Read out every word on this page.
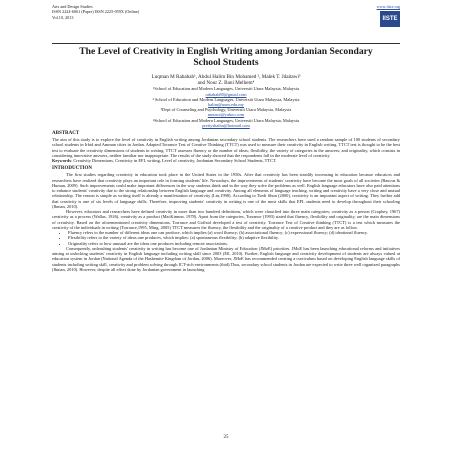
Arts and Design Studies
ISSN 2224-6061 (Paper) ISSN 2225-059X (Online)
Vol.10, 2013
www.iiste.org
IISTE
The Level of Creativity in English Writing among Jordanian Secondary School Students
Luqman M Rababah¹, Abdul Halim Bin Mohamed ², Malek T. Jdaitawi³
and Nour Z. Bani Melhem⁴
¹School of Education and Modern Languages, Universiti Utara Malaysia, Malaysia
rababah80@gmail.com
² School of Education and Modern Languages, Universiti Utara Malaysia, Malaysia
halim@uum.edu.my
³Dept of Counseling and Psychology, Universiti Utara Malaysia, Malaysia
mnusot@yahoo.com
⁴School of Education and Modern Languages, Universiti Utara Malaysia, Malaysia
prettyshatha@hotmail.com
ABSTRACT
The aim of this study is to explore the level of creativity in English writing among Jordanian secondary school students. The researchers have used a random sample of 100 students of secondary school students in Irbid and Amman cities in Jordan. Adapted Torrance Test of Creative Thinking (TTCT) was used to measure their creativity in English writing. TTCT test is thought to be the best test to evaluate the creativity dimensions of students in writing. TTCT assesses fluency or the number of ideas; flexibility, the variety of categories in the answers; and originality, which consists in considering innovative answers, neither familiar nor inappropriate. The results of the study showed that the respondents fall in the moderate level of creativity
Keywords: Creativity Dimensions, Creativity in EFL writing, Level of creativity, Jordanian Secondary School Students, TTCT.
INTRODUCTION
The first studies regarding creativity in education took place in the United States in the 1950s. After that creativity has been steadily increasing in education because educators and researchers have realized that creativity plays an important role in forming students' life. Nowadays, the improvements of students' creativity have become the most goals of all societies (Baucus & Human, 2009). Such improvements could make important differences in the way students think and in the way they solve the problems as well. English language educators have also paid attentions to enhance students' creativity due to the strong relationship between English language and creativity. Among all elements of language teaching, writing and creativity have a very close and mutual relationship. The reason is simple as writing itself is already a manifestation of creativity (Lin,1998). According to Tsedi Shun (2000), creativity is an important aspect of writing. They further add that creativity is one of six levels of language skills. Therefore, improving students' creativity in writing is one of the most skills that EFL students need to develop throughout their schooling (Ibnian, 2010).
However, educators and researchers have defined creativity in more than two hundred definitions, which were classified into three main categories; creativity as a person (Crophey, 1967) creativity as a process (Wallas, 1926), creativity as a product (MacKinnon, 1978). Apart from the categories, Torrance (1993) stated that fluency, flexibility and originality, are the main dimensions of creativity. Based on the aforementioned creativity dimensions, Torrance and Goffstd developed a test of creativity. Torrance Test of Creative thinking (TTCT) is a test which measures the creativity of the individuals in writing (Torrance,1995, Ming, 2005) TTCT measures the fluency, the flexibility and the originality of a creative product and they are as follow.
• Fluency refers to the number of different ideas one can produce, which implies (a) word fluency; (b) associational fluency; (c) expressional fluency; (d) ideational fluency.
• Flexibility refers to the variety of ideas one produces, which implies: (a) spontaneous flexibility; (b) adaptive flexibility.
• Originality refers to how unusual are the ideas one produces including remote associations.
Consequently, unleashing students' creativity in writing has become one of Jordanian Ministry of Education (JMoE) priorities. JMoE has been launching educational reforms and initiatives aiming at unlocking students' creativity in English language including writing skill since 2003 (Ell, 2010). Further, English language and creativity development of students are always valued at education system in Jordan (National Agenda of the Hashemite Kingdom of Jordan, 2006). Moreover, JMoE has recommended creating a curriculum based on developing English language skills of students including writing skill, creativity and problem solving through ICT-rich environments (ibid).Thus, secondary school students in Jordan are expected to write three well organized paragraphs (Ibnian, 2010). However, despite all effort done by Jordanian government in launching
25
